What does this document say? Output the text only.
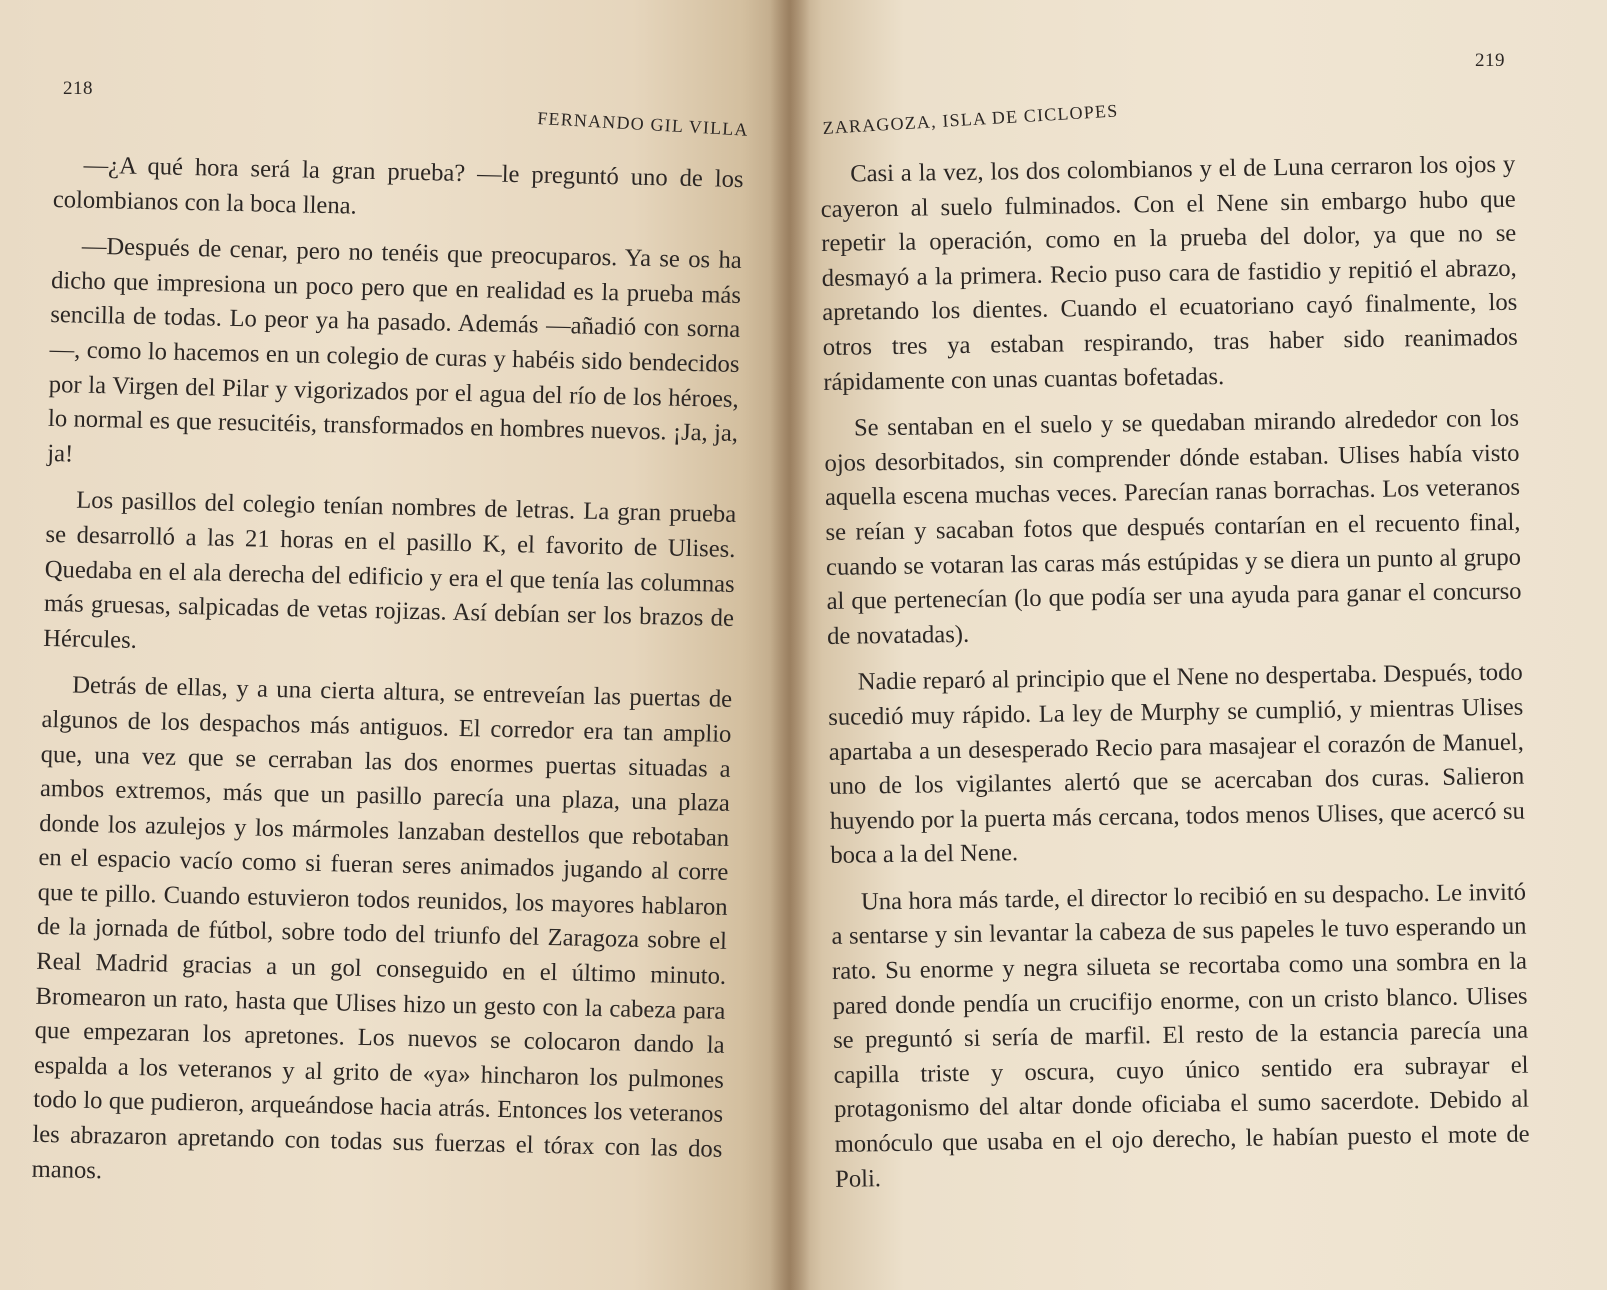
218
FERNANDO GIL VILLA

—¿A qué hora será la gran prueba? —le preguntó uno de los colombianos con la boca llena.

—Después de cenar, pero no tenéis que preocuparos. Ya se os ha dicho que impresiona un poco pero que en realidad es la prueba más sencilla de todas. Lo peor ya ha pasado. Además —añadió con sorna—, como lo hacemos en un colegio de curas y habéis sido bendecidos por la Virgen del Pilar y vigorizados por el agua del río de los héroes, lo normal es que resucitéis, transformados en hombres nuevos. ¡Ja, ja, ja!

Los pasillos del colegio tenían nombres de letras. La gran prueba se desarrolló a las 21 horas en el pasillo K, el favorito de Ulises. Quedaba en el ala derecha del edificio y era el que tenía las columnas más gruesas, salpicadas de vetas rojizas. Así debían ser los brazos de Hércules.

Detrás de ellas, y a una cierta altura, se entreveían las puertas de algunos de los despachos más antiguos. El corredor era tan amplio que, una vez que se cerraban las dos enormes puertas situadas a ambos extremos, más que un pasillo parecía una plaza, una plaza donde los azulejos y los mármoles lanzaban destellos que rebotaban en el espacio vacío como si fueran seres animados jugando al corre que te pillo. Cuando estuvieron todos reunidos, los mayores hablaron de la jornada de fútbol, sobre todo del triunfo del Zaragoza sobre el Real Madrid gracias a un gol conseguido en el último minuto. Bromearon un rato, hasta que Ulises hizo un gesto con la cabeza para que empezaran los apretones. Los nuevos se colocaron dando la espalda a los veteranos y al grito de «ya» hincharon los pulmones todo lo que pudieron, arqueándose hacia atrás. Entonces los veteranos les abrazaron apretando con todas sus fuerzas el tórax con las dos manos.

219
ZARAGOZA, ISLA DE CICLOPES

Casi a la vez, los dos colombianos y el de Luna cerraron los ojos y cayeron al suelo fulminados. Con el Nene sin embargo hubo que repetir la operación, como en la prueba del dolor, ya que no se desmayó a la primera. Recio puso cara de fastidio y repitió el abrazo, apretando los dientes. Cuando el ecuatoriano cayó finalmente, los otros tres ya estaban respirando, tras haber sido reanimados rápidamente con unas cuantas bofetadas.

Se sentaban en el suelo y se quedaban mirando alrededor con los ojos desorbitados, sin comprender dónde estaban. Ulises había visto aquella escena muchas veces. Parecían ranas borrachas. Los veteranos se reían y sacaban fotos que después contarían en el recuento final, cuando se votaran las caras más estúpidas y se diera un punto al grupo al que pertenecían (lo que podía ser una ayuda para ganar el concurso de novatadas).

Nadie reparó al principio que el Nene no despertaba. Después, todo sucedió muy rápido. La ley de Murphy se cumplió, y mientras Ulises apartaba a un desesperado Recio para masajear el corazón de Manuel, uno de los vigilantes alertó que se acercaban dos curas. Salieron huyendo por la puerta más cercana, todos menos Ulises, que acercó su boca a la del Nene.

Una hora más tarde, el director lo recibió en su despacho. Le invitó a sentarse y sin levantar la cabeza de sus papeles le tuvo esperando un rato. Su enorme y negra silueta se recortaba como una sombra en la pared donde pendía un crucifijo enorme, con un cristo blanco. Ulises se preguntó si sería de marfil. El resto de la estancia parecía una capilla triste y oscura, cuyo único sentido era subrayar el protagonismo del altar donde oficiaba el sumo sacerdote. Debido al monóculo que usaba en el ojo derecho, le habían puesto el mote de Poli.
